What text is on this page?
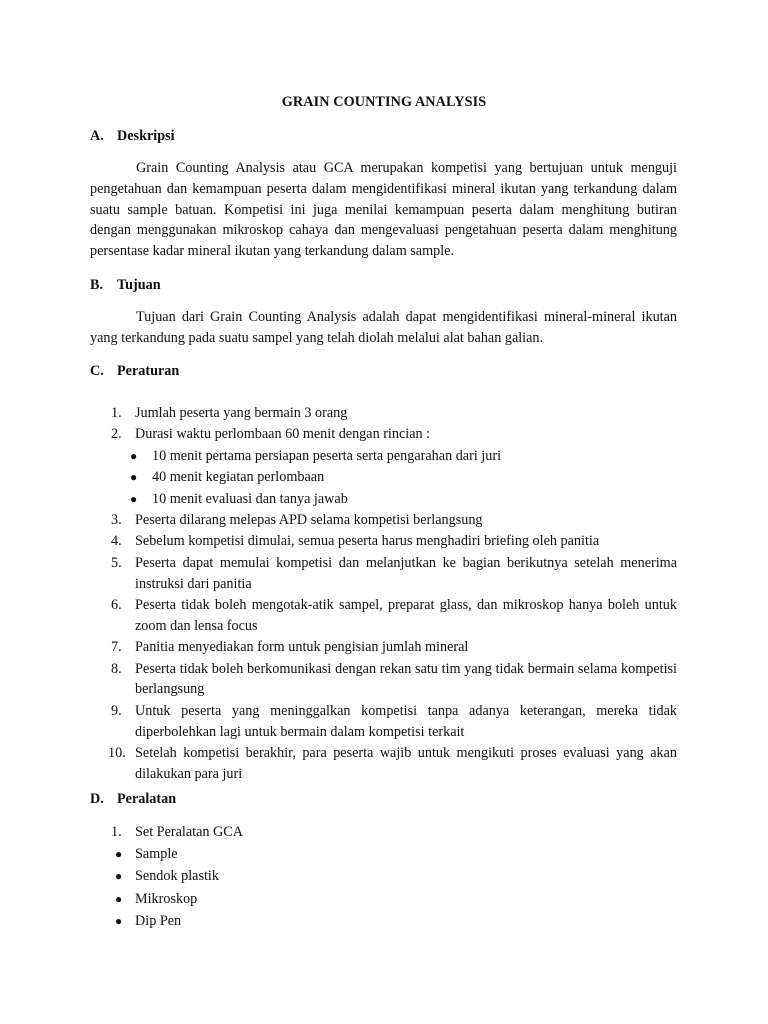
GRAIN COUNTING ANALYSIS
A. Deskripsi
Grain Counting Analysis atau GCA merupakan kompetisi yang bertujuan untuk menguji pengetahuan dan kemampuan peserta dalam mengidentifikasi mineral ikutan yang terkandung dalam suatu sample batuan. Kompetisi ini juga menilai kemampuan peserta dalam menghitung butiran dengan menggunakan mikroskop cahaya dan mengevaluasi pengetahuan peserta dalam menghitung persentase kadar mineral ikutan yang terkandung dalam sample.
B. Tujuan
Tujuan dari Grain Counting Analysis adalah dapat mengidentifikasi mineral-mineral ikutan yang terkandung pada suatu sampel yang telah diolah melalui alat bahan galian.
C. Peraturan
1. Jumlah peserta yang bermain 3 orang
2. Durasi waktu perlombaan 60 menit dengan rincian :
● 10 menit pertama persiapan peserta serta pengarahan dari juri
● 40 menit kegiatan perlombaan
● 10 menit evaluasi dan tanya jawab
3. Peserta dilarang melepas APD selama kompetisi berlangsung
4. Sebelum kompetisi dimulai, semua peserta harus menghadiri briefing oleh panitia
5. Peserta dapat memulai kompetisi dan melanjutkan ke bagian berikutnya setelah menerima instruksi dari panitia
6. Peserta tidak boleh mengotak-atik sampel, preparat glass, dan mikroskop hanya boleh untuk zoom dan lensa focus
7. Panitia menyediakan form untuk pengisian jumlah mineral
8. Peserta tidak boleh berkomunikasi dengan rekan satu tim yang tidak bermain selama kompetisi berlangsung
9. Untuk peserta yang meninggalkan kompetisi tanpa adanya keterangan, mereka tidak diperbolehkan lagi untuk bermain dalam kompetisi terkait
10. Setelah kompetisi berakhir, para peserta wajib untuk mengikuti proses evaluasi yang akan dilakukan para juri
D. Peralatan
1. Set Peralatan GCA
● Sample
● Sendok plastik
● Mikroskop
● Dip Pen
